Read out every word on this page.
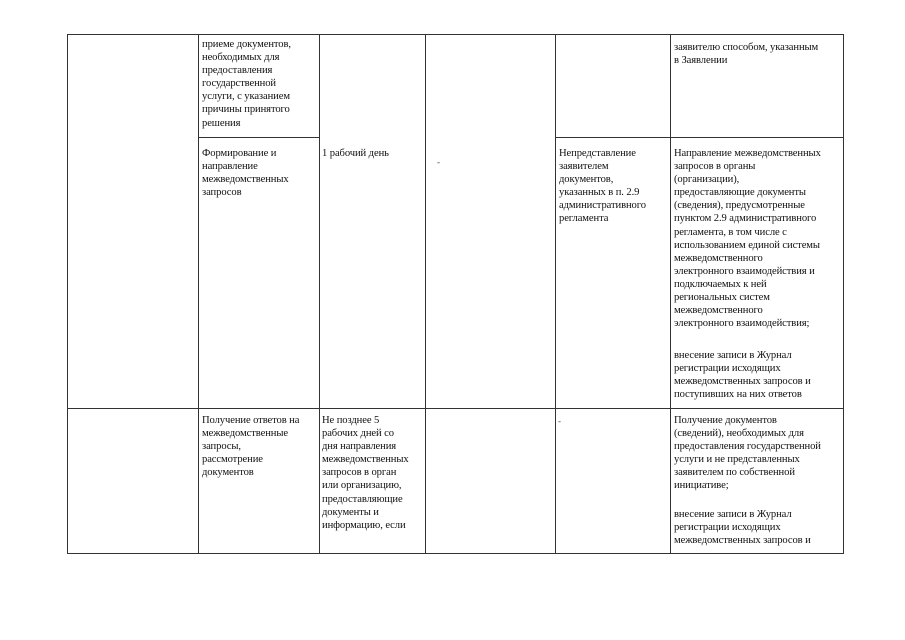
приеме документов,
необходимых для
предоставления
государственной
услуги, с указанием
причины принятого
решения
заявителю способом, указанным
в Заявлении
Формирование и
направление
межведомственных
запросов
1 рабочий день
-
Непредставление
заявителем
документов,
указанных в п. 2.9
административного
регламента
Направление межведомственных
запросов в органы
(организации),
предоставляющие документы
(сведения), предусмотренные
пунктом 2.9 административного
регламента, в том числе с
использованием единой системы
межведомственного
электронного взаимодействия и
подключаемых к ней
региональных систем
межведомственного
электронного взаимодействия;
внесение записи в Журнал
регистрации исходящих
межведомственных запросов и
поступивших на них ответов
Получение ответов на
межведомственные
запросы,
рассмотрение
документов
Не позднее 5
рабочих дней со
дня направления
межведомственных
запросов в орган
или организацию,
предоставляющие
документы и
информацию, если
-	Получение документов
(сведений), необходимых для
предоставления государственной
услуги и не представленных
заявителем по собственной
инициативе;
внесение записи в Журнал
регистрации исходящих
межведомственных запросов и
